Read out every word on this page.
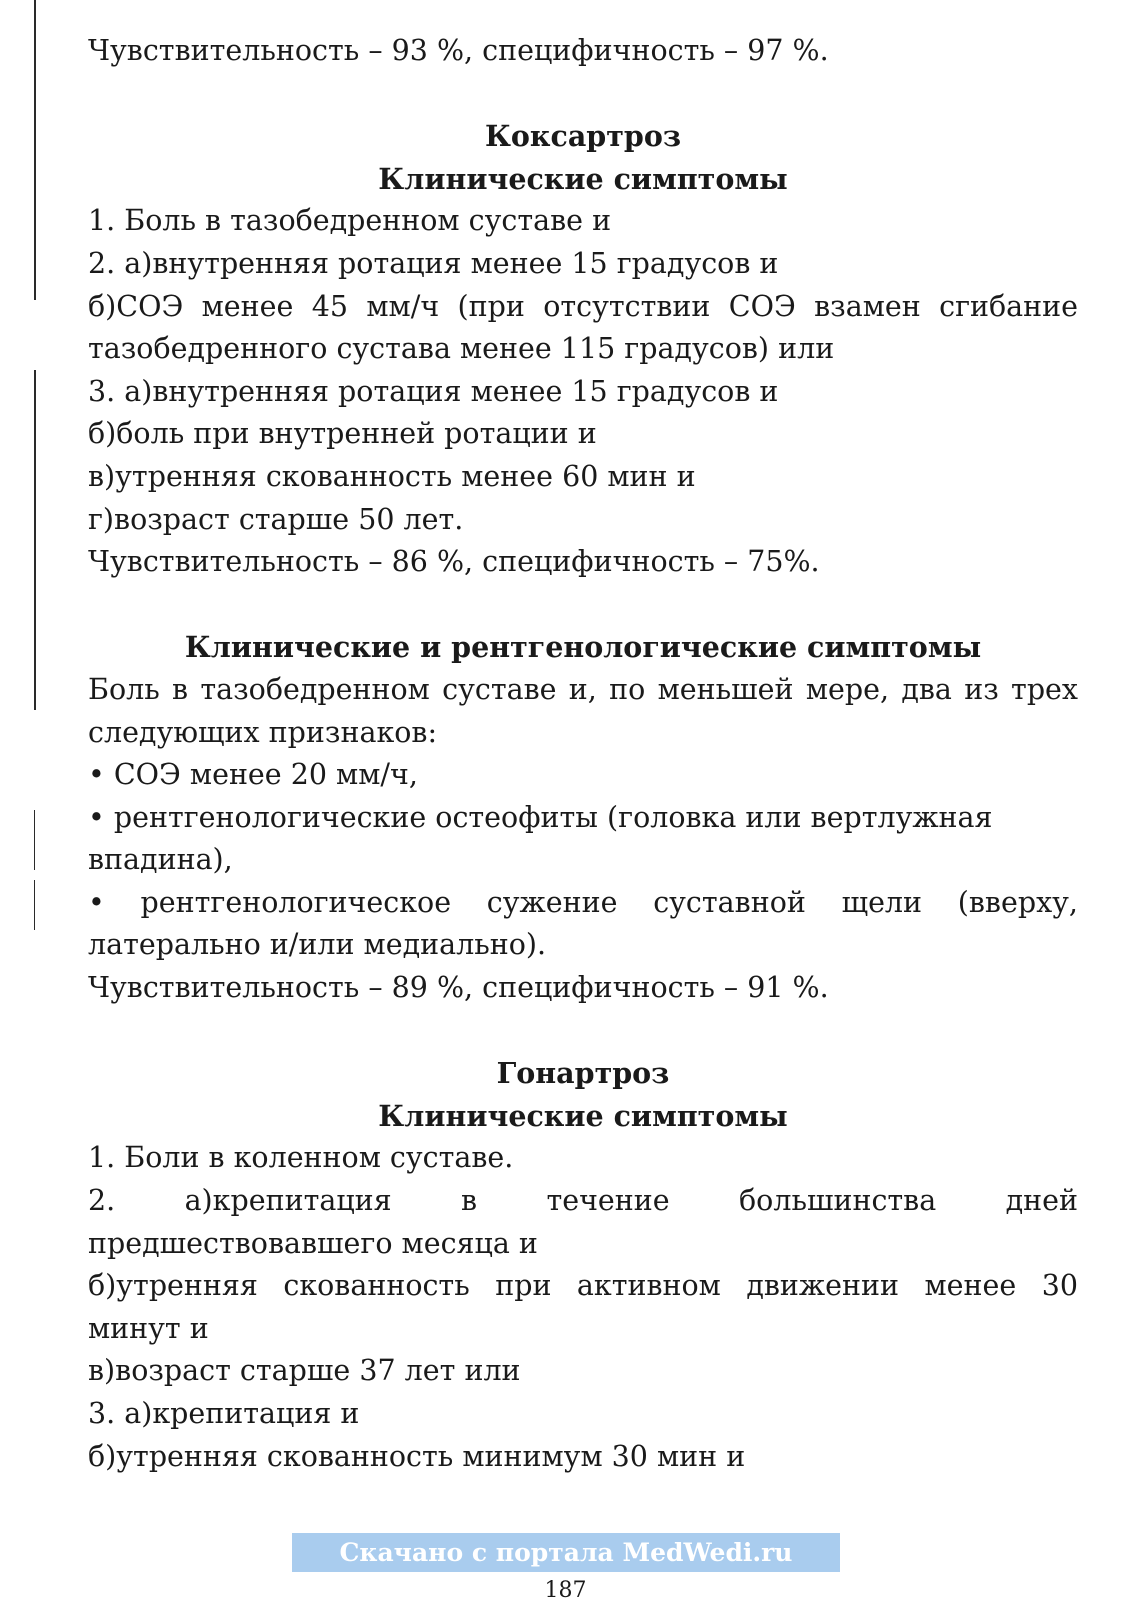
Чувствительность – 93 %, специфичность – 97 %.

Коксартроз

Клинические симптомы

1. Боль в тазобедренном суставе и

2. а)внутренняя ротация менее 15 градусов и

б)СОЭ менее 45 мм/ч (при отсутствии СОЭ взамен сгибание тазобедренного сустава менее 115 градусов) или

3. а)внутренняя ротация менее 15 градусов и

б)боль при внутренней ротации и

в)утренняя скованность менее 60 мин и

г)возраст старше 50 лет.

Чувствительность – 86 %, специфичность – 75%.

Клинические и рентгенологические симптомы

Боль в тазобедренном суставе и, по меньшей мере, два из трех следующих признаков:

• СОЭ менее 20 мм/ч,

• рентгенологические остеофиты (головка или вертлужная впадина),

• рентгенологическое сужение суставной щели (вверху, латерально и/или медиально).

Чувствительность – 89 %, специфичность – 91 %.

Гонартроз

Клинические симптомы

1. Боли в коленном суставе.

2. а)крепитация в течение большинства дней предшествовавшего месяца и

б)утренняя скованность при активном движении менее 30 минут и

в)возраст старше 37 лет или

3. а)крепитация и

б)утренняя скованность минимум 30 мин и

Скачано с портала MedWedi.ru
187
